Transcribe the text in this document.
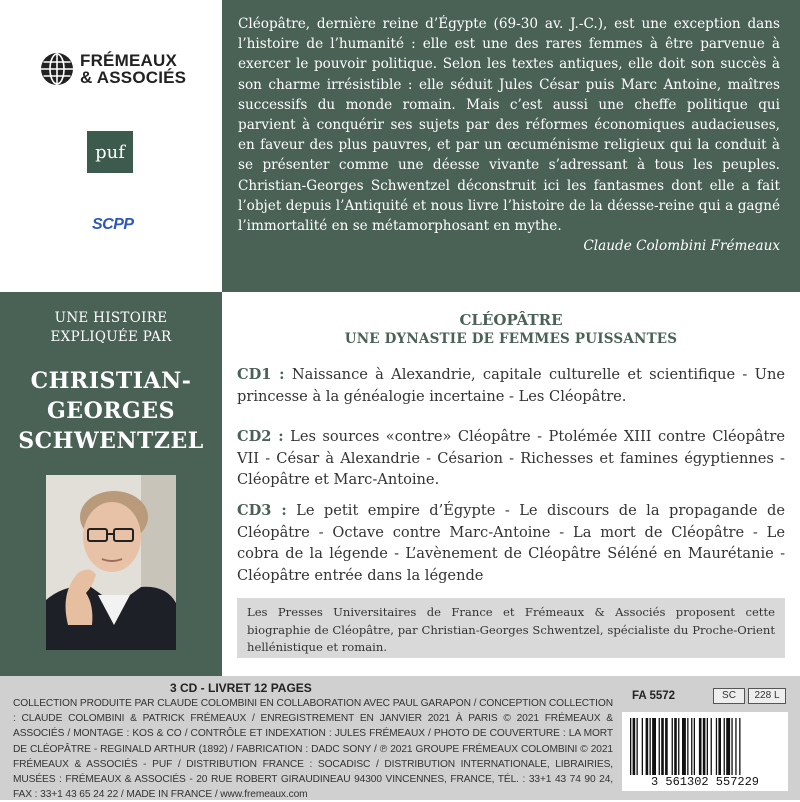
FRÉMEAUX
& ASSOCIÉS
puf
SCPP

Cléopâtre, dernière reine d’Égypte (69-30 av. J.-C.), est une exception dans l’histoire de l’humanité : elle est une des rares femmes à être parvenue à exercer le pouvoir politique. Selon les textes antiques, elle doit son succès à son charme irrésistible : elle séduit Jules César puis Marc Antoine, maîtres successifs du monde romain. Mais c’est aussi une cheffe politique qui parvient à conquérir ses sujets par des réformes économiques audacieuses, en faveur des plus pauvres, et par un œcuménisme religieux qui la conduit à se présenter comme une déesse vivante s’adressant à tous les peuples. Christian-Georges Schwentzel déconstruit ici les fantasmes dont elle a fait l’objet depuis l’Antiquité et nous livre l’histoire de la déesse-reine qui a gagné l’immortalité en se métamorphosant en mythe.

Claude Colombini Frémeaux

UNE HISTOIRE
EXPLIQUÉE PAR
CHRISTIAN-
GEORGES
SCHWENTZEL
CLÉOPÂTRE
UNE DYNASTIE DE FEMMES PUISSANTES
CD1 : Naissance à Alexandrie, capitale culturelle et scientifique - Une princesse à la généalogie incertaine - Les Cléopâtre.
CD2 : Les sources «contre» Cléopâtre - Ptolémée XIII contre Cléopâtre VII - César à Alexandrie - Césarion - Richesses et famines égyptiennes - Cléopâtre et Marc-Antoine.
CD3 : Le petit empire d’Égypte - Le discours de la propagande de Cléopâtre - Octave contre Marc-Antoine - La mort de Cléopâtre - Le cobra de la légende - L’avènement de Cléopâtre Séléné en Maurétanie - Cléopâtre entrée dans la légende
Les Presses Universitaires de France et Frémeaux & Associés proposent cette biographie de Cléopâtre, par Christian-Georges Schwentzel, spécialiste du Proche-Orient hellénistique et romain.
3 CD - LIVRET 12 PAGES
COLLECTION PRODUITE PAR CLAUDE COLOMBINI EN COLLABORATION AVEC PAUL GARAPON / CONCEPTION COLLECTION : CLAUDE COLOMBINI & PATRICK FRÉMEAUX / ENREGISTREMENT EN JANVIER 2021 À PARIS © 2021 FRÉMEAUX & ASSOCIÉS / MONTAGE : KOS & CO / CONTRÔLE ET INDEXATION : JULES FRÉMEAUX / PHOTO DE COUVERTURE : LA MORT DE CLÉOPÂTRE - REGINALD ARTHUR (1892) / FABRICATION : DADC SONY / ℗ 2021 GROUPE FRÉMEAUX COLOMBINI © 2021 FRÉMEAUX & ASSOCIÉS - PUF / DISTRIBUTION FRANCE : SOCADISC / DISTRIBUTION INTERNATIONALE, LIBRAIRIES, MUSÉES : FRÉMEAUX & ASSOCIÉS - 20 RUE ROBERT GIRAUDINEAU 94300 VINCENNES, FRANCE, TÉL. : 33+1 43 74 90 24, FAX : 33+1 43 65 24 22 / MADE IN FRANCE / www.fremeaux.com
FA 5572	SC	228 L
3 561302 557229
